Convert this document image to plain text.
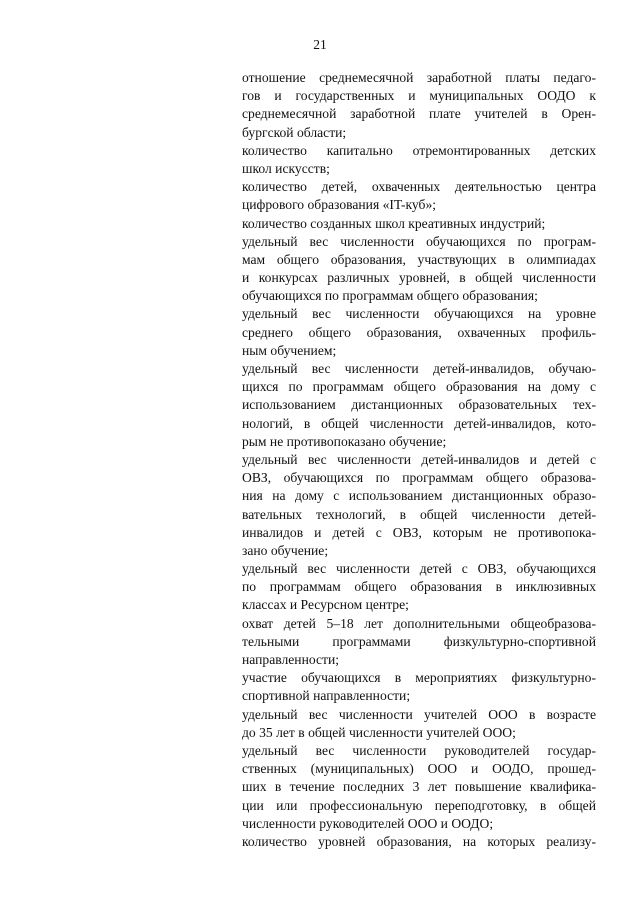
21
отношение среднемесячной заработной платы педаго-
гов и государственных и муниципальных ООДО к
среднемесячной заработной плате учителей в Орен-
бургской области;
количество капитально отремонтированных детских
школ искусств;
количество детей, охваченных деятельностью центра
цифрового образования «IT-куб»;
количество созданных школ креативных индустрий;
удельный вес численности обучающихся по програм-
мам общего образования, участвующих в олимпиадах
и конкурсах различных уровней, в общей численности
обучающихся по программам общего образования;
удельный вес численности обучающихся на уровне
среднего общего образования, охваченных профиль-
ным обучением;
удельный вес численности детей-инвалидов, обучаю-
щихся по программам общего образования на дому с
использованием дистанционных образовательных тех-
нологий, в общей численности детей-инвалидов, кото-
рым не противопоказано обучение;
удельный вес численности детей-инвалидов и детей с
ОВЗ, обучающихся по программам общего образова-
ния на дому с использованием дистанционных образо-
вательных технологий, в общей численности детей-
инвалидов и детей с ОВЗ, которым не противопока-
зано обучение;
удельный вес численности детей с ОВЗ, обучающихся
по программам общего образования в инклюзивных
классах и Ресурсном центре;
охват детей 5–18 лет дополнительными общеобразова-
тельными программами физкультурно-спортивной
направленности;
участие обучающихся в мероприятиях физкультурно-
спортивной направленности;
удельный вес численности учителей ООО в возрасте
до 35 лет в общей численности учителей ООО;
удельный вес численности руководителей государ-
ственных (муниципальных) ООО и ООДО, прошед-
ших в течение последних 3 лет повышение квалифика-
ции или профессиональную переподготовку, в общей
численности руководителей ООО и ООДО;
количество уровней образования, на которых реализу-
